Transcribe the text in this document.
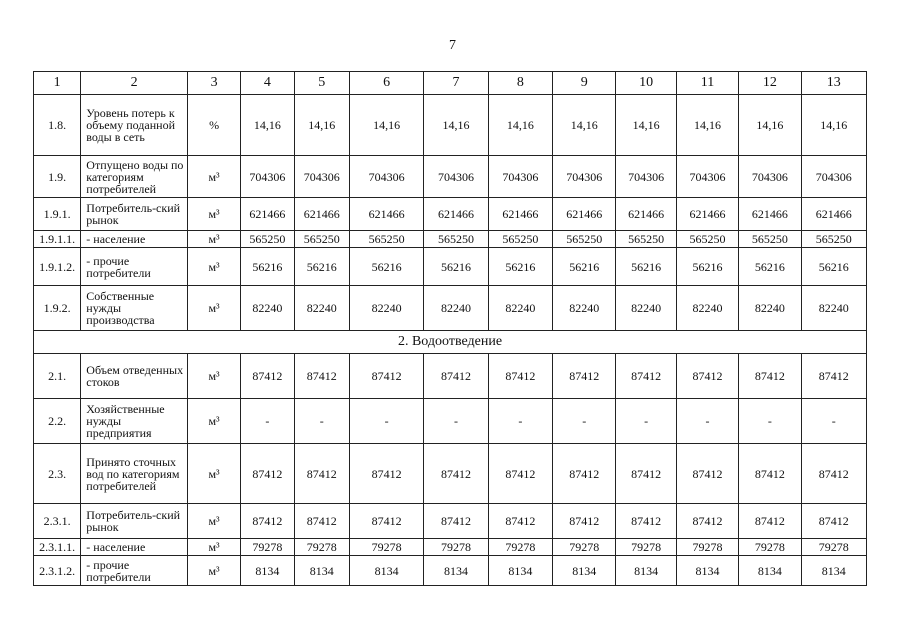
7
1	2	3	4	5	6	7	8	9	10	11	12	13
1.8.	Уровень потерь к объему поданной воды в сеть	%	14,16	14,16	14,16	14,16	14,16	14,16	14,16	14,16	14,16	14,16
1.9.	Отпущено воды по категориям потребителей	м³	704306	704306	704306	704306	704306	704306	704306	704306	704306	704306
1.9.1.	Потребитель-ский рынок	м³	621466	621466	621466	621466	621466	621466	621466	621466	621466	621466
1.9.1.1.	- население	м³	565250	565250	565250	565250	565250	565250	565250	565250	565250	565250
1.9.1.2.	- прочие потребители	м³	56216	56216	56216	56216	56216	56216	56216	56216	56216	56216
1.9.2.	Собственные нужды производства	м³	82240	82240	82240	82240	82240	82240	82240	82240	82240	82240
2. Водоотведение												
2.1.	Объем отведенных стоков	м³	87412	87412	87412	87412	87412	87412	87412	87412	87412	87412
2.2.	Хозяйственные нужды предприятия	м³	-	-	-	-	-	-	-	-	-	-
2.3.	Принято сточных вод по категориям потребителей	м³	87412	87412	87412	87412	87412	87412	87412	87412	87412	87412
2.3.1.	Потребитель-ский рынок	м³	87412	87412	87412	87412	87412	87412	87412	87412	87412	87412
2.3.1.1.	- население	м³	79278	79278	79278	79278	79278	79278	79278	79278	79278	79278
2.3.1.2.	- прочие потребители	м³	8134	8134	8134	8134	8134	8134	8134	8134	8134	8134
